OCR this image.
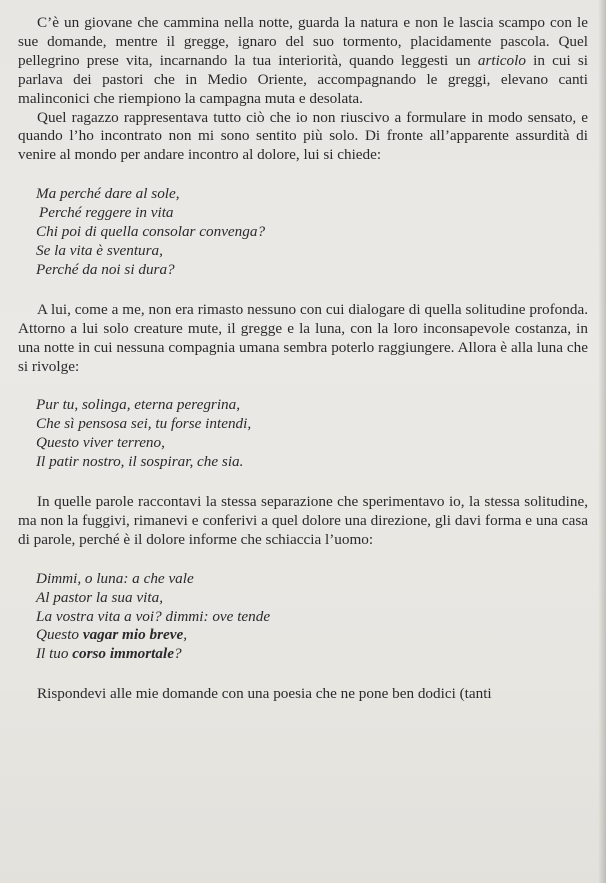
C’è un giovane che cammina nella notte, guarda la natura e non le lascia scampo con le sue domande, mentre il gregge, ignaro del suo tormento, placidamente pascola. Quel pellegrino prese vita, incarnando la tua interiorità, quando leggesti un articolo in cui si parlava dei pastori che in Medio Oriente, accompagnando le greggi, elevano canti malinconici che riempiono la campagna muta e desolata.

Quel ragazzo rappresentava tutto ciò che io non riuscivo a formulare in modo sensato, e quando l’ho incontrato non mi sono sentito più solo. Di fronte all’apparente assurdità di venire al mondo per andare incontro al dolore, lui si chiede:

Ma perché dare al sole,
Perché reggere in vita
Chi poi di quella consolar convenga?
Se la vita è sventura,
Perché da noi si dura?

A lui, come a me, non era rimasto nessuno con cui dialogare di quella solitudine profonda. Attorno a lui solo creature mute, il gregge e la luna, con la loro inconsapevole costanza, in una notte in cui nessuna compagnia umana sembra poterlo raggiungere. Allora è alla luna che si rivolge:

Pur tu, solinga, eterna peregrina,
Che sì pensosa sei, tu forse intendi,
Questo viver terreno,
Il patir nostro, il sospirar, che sia.

In quelle parole raccontavi la stessa separazione che sperimentavo io, la stessa solitudine, ma non la fuggivi, rimanevi e conferivi a quel dolore una direzione, gli davi forma e una casa di parole, perché è il dolore informe che schiaccia l’uomo:

Dimmi, o luna: a che vale
Al pastor la sua vita,
La vostra vita a voi? dimmi: ove tende
Questo vagar mio breve,
Il tuo corso immortale?

Rispondevi alle mie domande con una poesia che ne pone ben dodici (tanti
